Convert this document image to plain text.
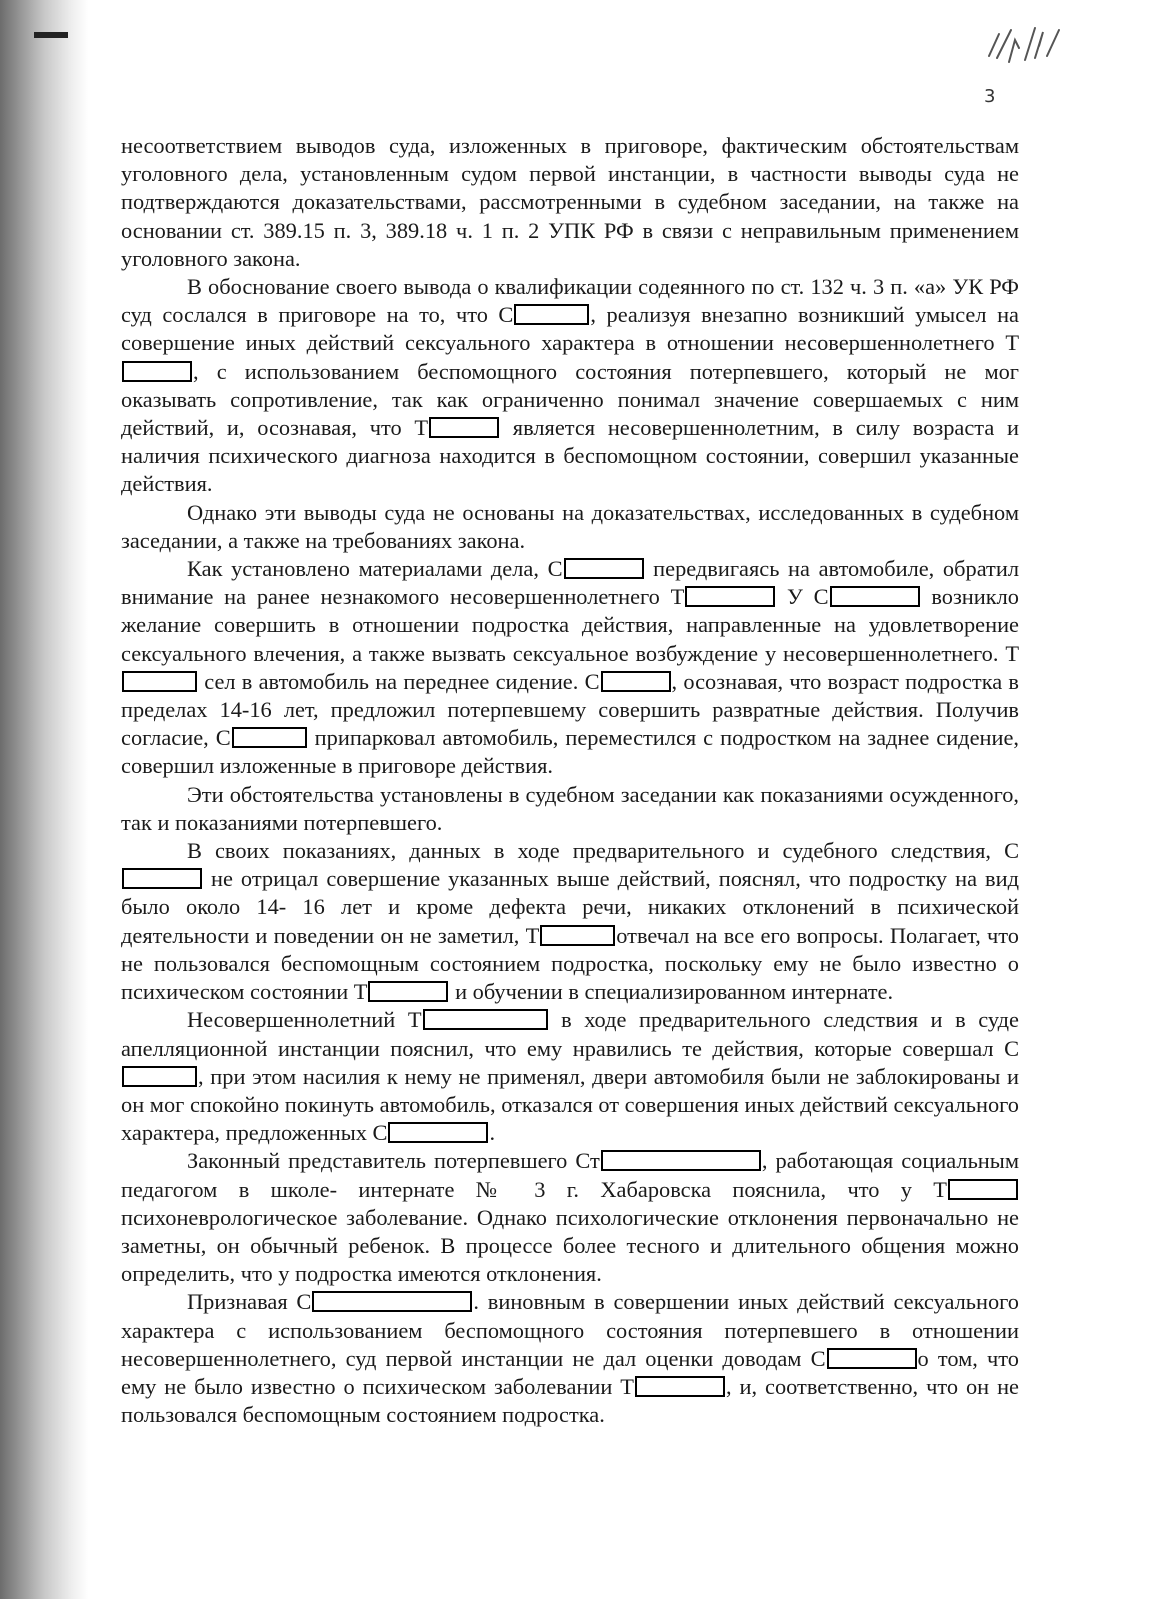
3

несоответствием выводов суда, изложенных в приговоре, фактическим обстоятельствам уголовного дела, установленным судом первой инстанции, в частности выводы суда не подтверждаются доказательствами, рассмотренными в судебном заседании, на также на основании ст. 389.15 п. 3, 389.18 ч. 1 п. 2 УПК РФ в связи с неправильным применением уголовного закона.

В обоснование своего вывода о квалификации содеянного по ст. 132 ч. 3 п. «а» УК РФ суд сослался в приговоре на то, что С	, реализуя внезапно возникший умысел на совершение иных действий сексуального характера в отношении несовершеннолетнего Т, с использованием беспомощного состояния потерпевшего, который не мог оказывать сопротивление, так как ограниченно понимал значение совершаемых с ним действий, и, осознавая, что Т	является несовершеннолетним, в силу возраста и наличия психического диагноза находится в беспомощном состоянии, совершил указанные действия.

Однако эти выводы суда не основаны на доказательствах, исследованных в судебном заседании, а также на требованиях закона.

Как установлено материалами дела, С	передвигаясь на автомобиле, обратил внимание на ранее незнакомого несовершеннолетнего Т	У С	возникло желание совершить в отношении подростка действия, направленные на удовлетворение сексуального влечения, а также вызвать сексуальное возбуждение у несовершеннолетнего. Т сел в автомобиль на переднее сидение. С	, осознавая, что возраст подростка в пределах 14-16 лет, предложил потерпевшему совершить развратные действия. Получив согласие, С	припарковал автомобиль, переместился с подростком на заднее сидение, совершил изложенные в приговоре действия.

Эти обстоятельства установлены в судебном заседании как показаниями осужденного, так и показаниями потерпевшего.

В своих показаниях, данных в ходе предварительного и судебного следствия, С не отрицал совершение указанных выше действий, пояснял, что подростку на вид было около 14- 16 лет и кроме дефекта речи, никаких отклонений в психической деятельности и поведении он не заметил, Т	отвечал на все его вопросы. Полагает, что не пользовался беспомощным состоянием подростка, поскольку ему не было известно о психическом состоянии Т	и обучении в специализированном интернате.

Несовершеннолетний Т	в ходе предварительного следствия и в суде апелляционной инстанции пояснил, что ему нравились те действия, которые совершал С, при этом насилия к нему не применял, двери автомобиля были не заблокированы и он мог спокойно покинуть автомобиль, отказался от совершения иных действий сексуального характера, предложенных С	.

Законный представитель потерпевшего Ст	, работающая социальным педагогом в школе- интернате № 3 г. Хабаровска пояснила, что у Т психоневрологическое заболевание. Однако психологические отклонения первоначально не заметны, он обычный ребенок. В процессе более тесного и длительного общения можно определить, что у подростка имеются отклонения.

Признавая С	. виновным в совершении иных действий сексуального характера с использованием беспомощного состояния потерпевшего в отношении несовершеннолетнего, суд первой инстанции не дал оценки доводам С	о том, что ему не было известно о психическом заболевании Т	, и, соответственно, что он не пользовался беспомощным состоянием подростка.
